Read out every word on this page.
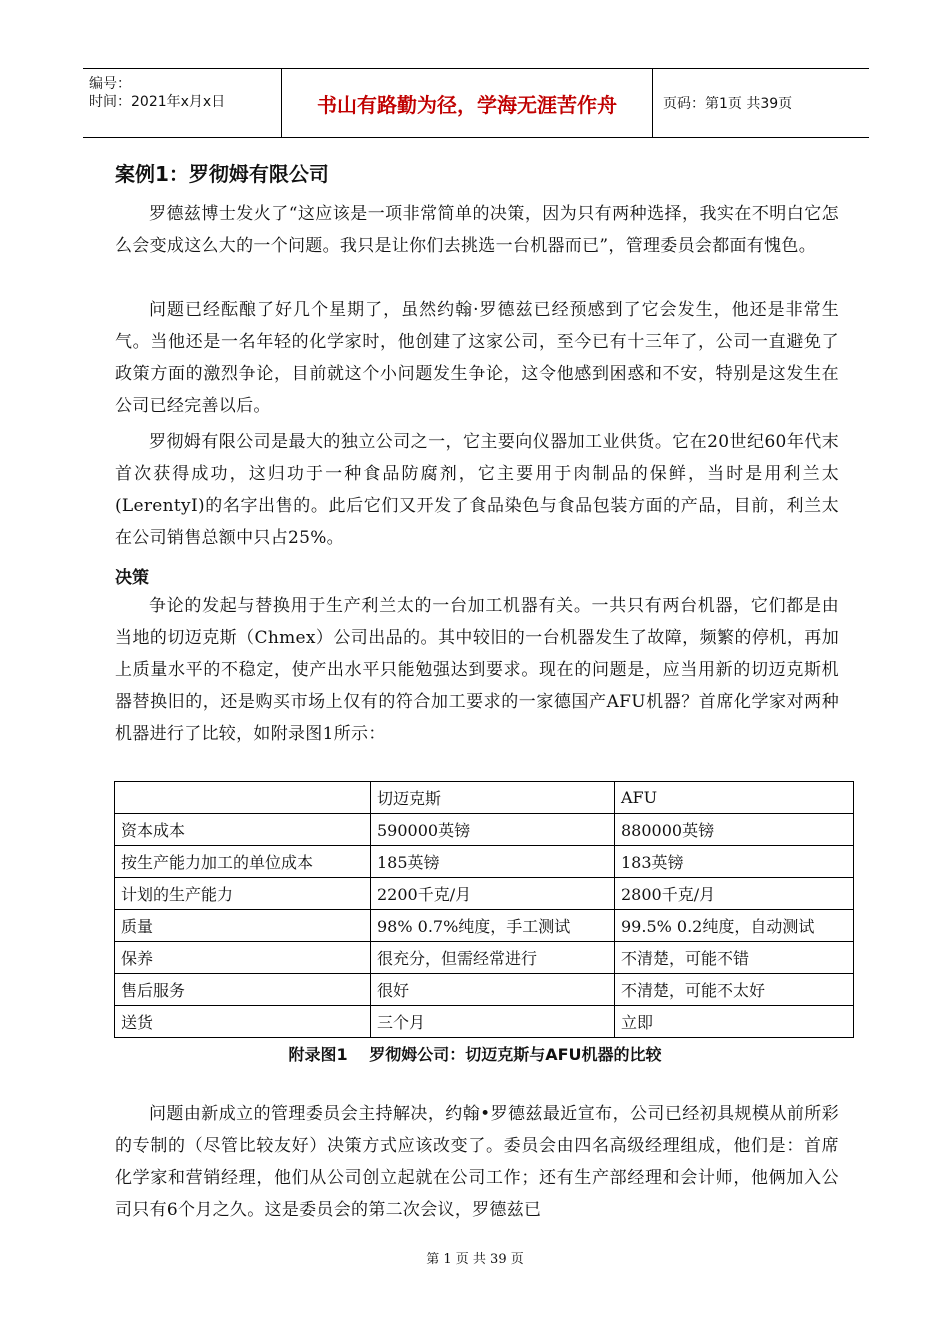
编号：
时间：2021年x月x日	书山有路勤为径，学海无涯苦作舟	页码：第1页 共39页
案例1：罗彻姆有限公司

罗德兹博士发火了“这应该是一项非常简单的决策，因为只有两种选择，我实在不明白它怎么会变成这么大的一个问题。我只是让你们去挑选一台机器而已”，管理委员会都面有愧色。

问题已经酝酿了好几个星期了，虽然约翰·罗德兹已经预感到了它会发生，他还是非常生气。当他还是一名年轻的化学家时，他创建了这家公司，至今已有十三年了，公司一直避免了政策方面的激烈争论，目前就这个小问题发生争论，这令他感到困惑和不安，特别是这发生在公司已经完善以后。

罗彻姆有限公司是最大的独立公司之一，它主要向仪器加工业供货。它在20世纪60年代末首次获得成功，这归功于一种食品防腐剂，它主要用于肉制品的保鲜，当时是用利兰太(LerentyI)的名字出售的。此后它们又开发了食品染色与食品包装方面的产品，目前，利兰太在公司销售总额中只占25%。

决策

争论的发起与替换用于生产利兰太的一台加工机器有关。一共只有两台机器，它们都是由当地的切迈克斯（Chmex）公司出品的。其中较旧的一台机器发生了故障，频繁的停机，再加上质量水平的不稳定，使产出水平只能勉强达到要求。现在的问题是，应当用新的切迈克斯机器替换旧的，还是购买市场上仅有的符合加工要求的一家德国产AFU机器？首席化学家对两种机器进行了比较，如附录图1所示：

	切迈克斯	AFU
资本成本	590000英镑	880000英镑
按生产能力加工的单位成本	185英镑	183英镑
计划的生产能力	2200千克/月	2800千克/月
质量	98% 0.7%纯度，手工测试	99.5% 0.2纯度，自动测试
保养	很充分，但需经常进行	不清楚，可能不错
售后服务	很好	不清楚，可能不太好
送货	三个月	立即
附录图1　 罗彻姆公司：切迈克斯与AFU机器的比较

问题由新成立的管理委员会主持解决，约翰•罗德兹最近宣布，公司已经初具规模从前所彩的专制的（尽管比较友好）决策方式应该改变了。委员会由四名高级经理组成，他们是：首席化学家和营销经理，他们从公司创立起就在公司工作；还有生产部经理和会计师，他俩加入公司只有6个月之久。这是委员会的第二次会议，罗德兹已

第 1 页 共 39 页
